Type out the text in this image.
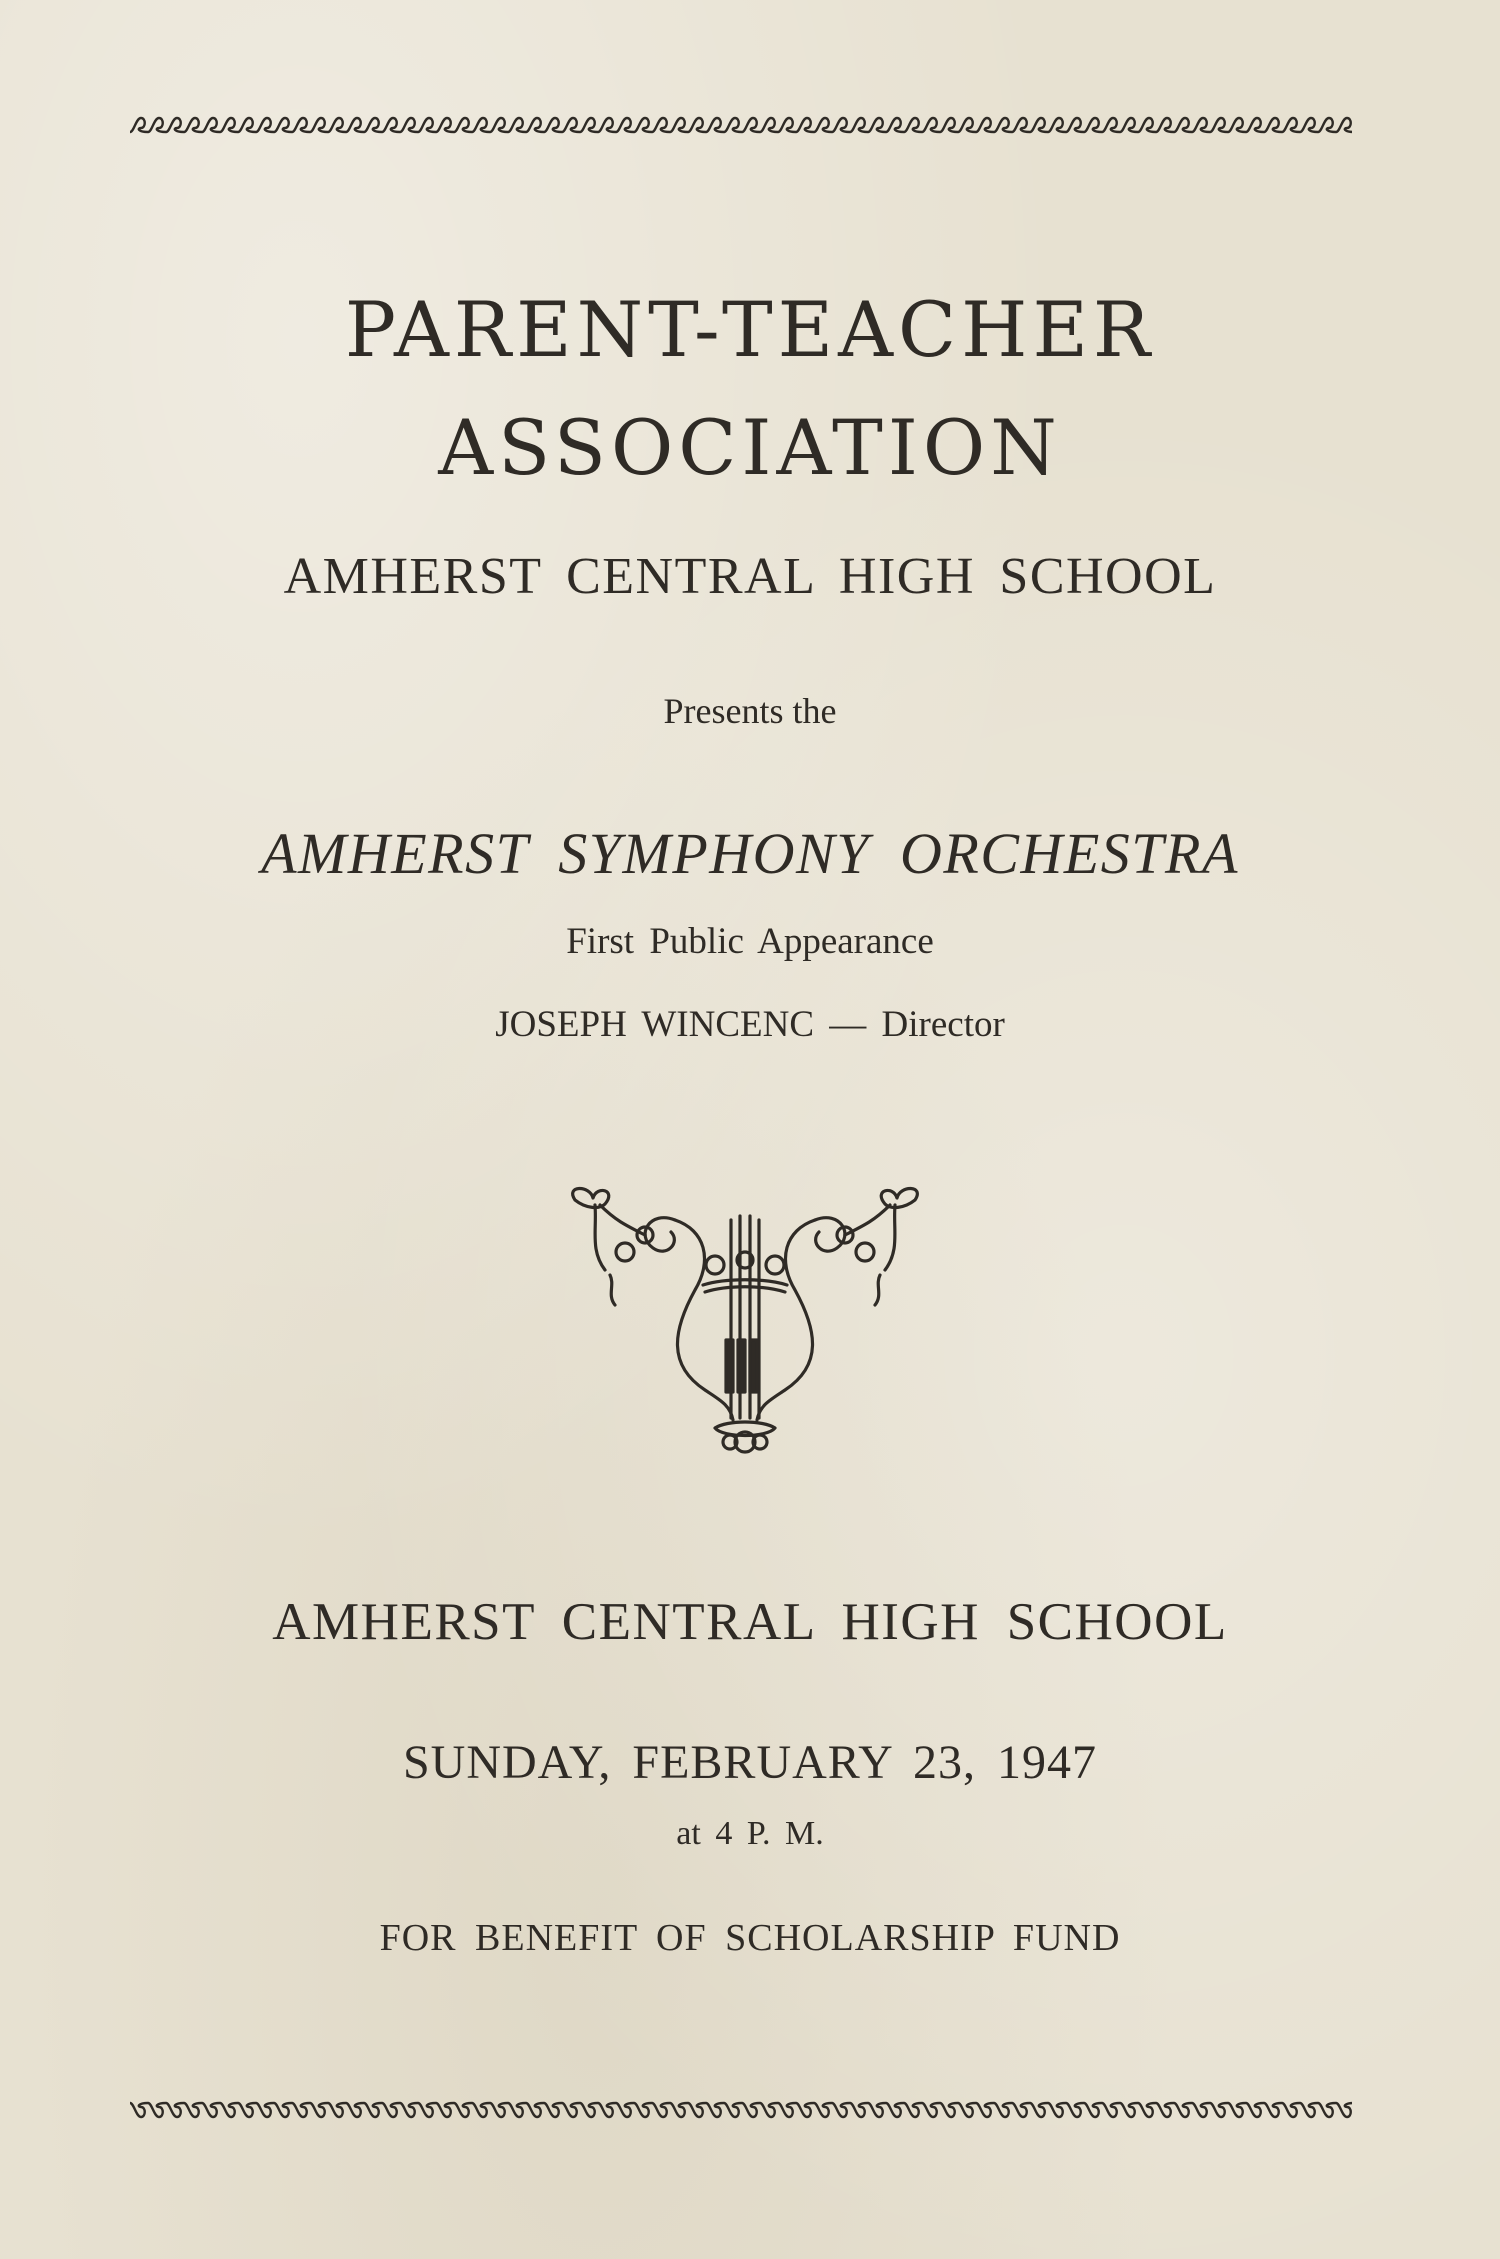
PARENT-TEACHER
ASSOCIATION
AMHERST CENTRAL HIGH SCHOOL
Presents the
AMHERST SYMPHONY ORCHESTRA
First Public Appearance
JOSEPH WINCENC — Director
AMHERST CENTRAL HIGH SCHOOL
SUNDAY, FEBRUARY 23, 1947
at 4 P. M.
FOR BENEFIT OF SCHOLARSHIP FUND
